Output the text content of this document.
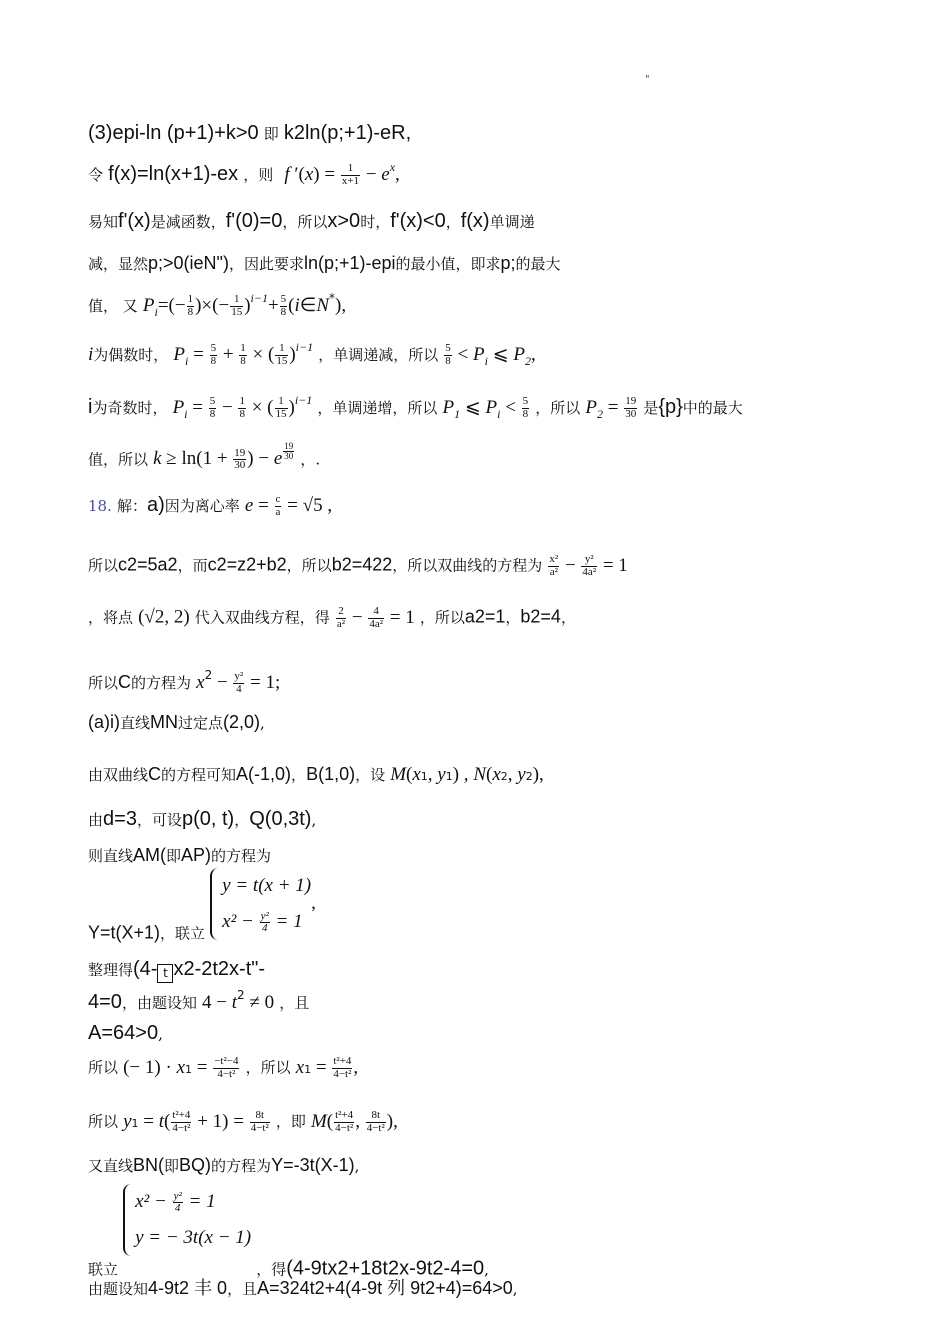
"
(3)epi-ln (p+1)+k>0 即 k2ln(p;+1)-eR,
令 f(x)=ln(x+1)-ex ，则 f $'(x) = \frac{1}{x+1} - e^x$,
易知f'(x)是减函数，f'(0)=0，所以x>0时，f'(x)<0，f(x)单调递
减，显然p;>0(ieN")，因此要求ln(p;+1)-epi的最小值，即求p;的最大
值， 又 $P_i=(- \frac{1}{8}$ )×(− $\frac{1}{15} )^{i-1}+ \frac{5}{8}$ (i∈N*),
i为偶数时， $P_i = \frac{5}{8} + \frac{1}{8}$ × ( $\frac{1}{15} )^{i-1}$ ，单调递减，所以 $\frac{5}{8} < P_i$ ⩽ $P_2$,
i为奇数时， $P_i = \frac{5}{8} - \frac{1}{8}$ × ( $\frac{1}{15} )^{i-1}$ ，单调递增，所以 $P_1$ ⩽ $P_i < \frac{5}{8}$ ，所以 $P_2 = \frac{19}{30}$ 是{p}中的最大
值，所以 $k \ge \ln(1 + \frac{19}{30}$ ) − e $^{\frac{19}{30}}$ ，.
18. 解：a)因为离心率 $e = \frac{c}{a} = √5$ ,
所以c2=5a2，而c2=z2+b2，所以b2=422，所以双曲线的方程为 $\frac{\text{x²}}{\text{a²}} - \frac{\text{y²}}{\text{4a²}} = 1$
，将点 (√2, 2) 代入双曲线方程，得 $\frac{2}{\text{a²}} - \frac{4}{\text{4a²}} = 1$ ，所以a2=1，b2=4，
所以C的方程为 $x^2 - \frac{\text{y²}}{4} = 1$;
(a)i)直线MN过定点(2,0),
由双曲线C的方程可知A(-1,0)，B(1,0)，设 M(x1, y1) , N(x2, y2),
由d=3，可设p(0, t)，Q(0,3t),
则直线AM(即AP)的方程为
Y=t(X+1)，联立
y = t(x + 1)
$x^2 - \frac{\text{y²}}{4} = 1$
,
整理得(4- t x2-2t2x-t"-
4=0，由题设知 $4 - t^2 \ne 0$ ，且
A=64>0,
所以 (− $1) \cdot x1 = \frac{\text{−t²−4}}{\text{4−t²}}$ ，所以 $x1 = \frac{\text{t²+4}}{\text{4−t²}}$ ,
所以 $y1 = t( \frac{\text{t²+4}}{\text{4−t²}} + 1) = \frac{8t}{\text{4−t²}}$ ，即 $M( \frac{\text{t²+4}}{\text{4−t²}}$ , $\frac{8t}{\text{4−t²}}$ ),
又直线BN(即BQ)的方程为Y=-3t(X-1),
联立
$x^2 - \frac{\text{y²}}{4} = 1$
y = − 3t(x − 1)
，得(4-9tx2+18t2x-9t2-4=0,
由题设知4-9t2 丰 0，且A=324t2+4(4-9t 列 9t2+4)=64>0,
